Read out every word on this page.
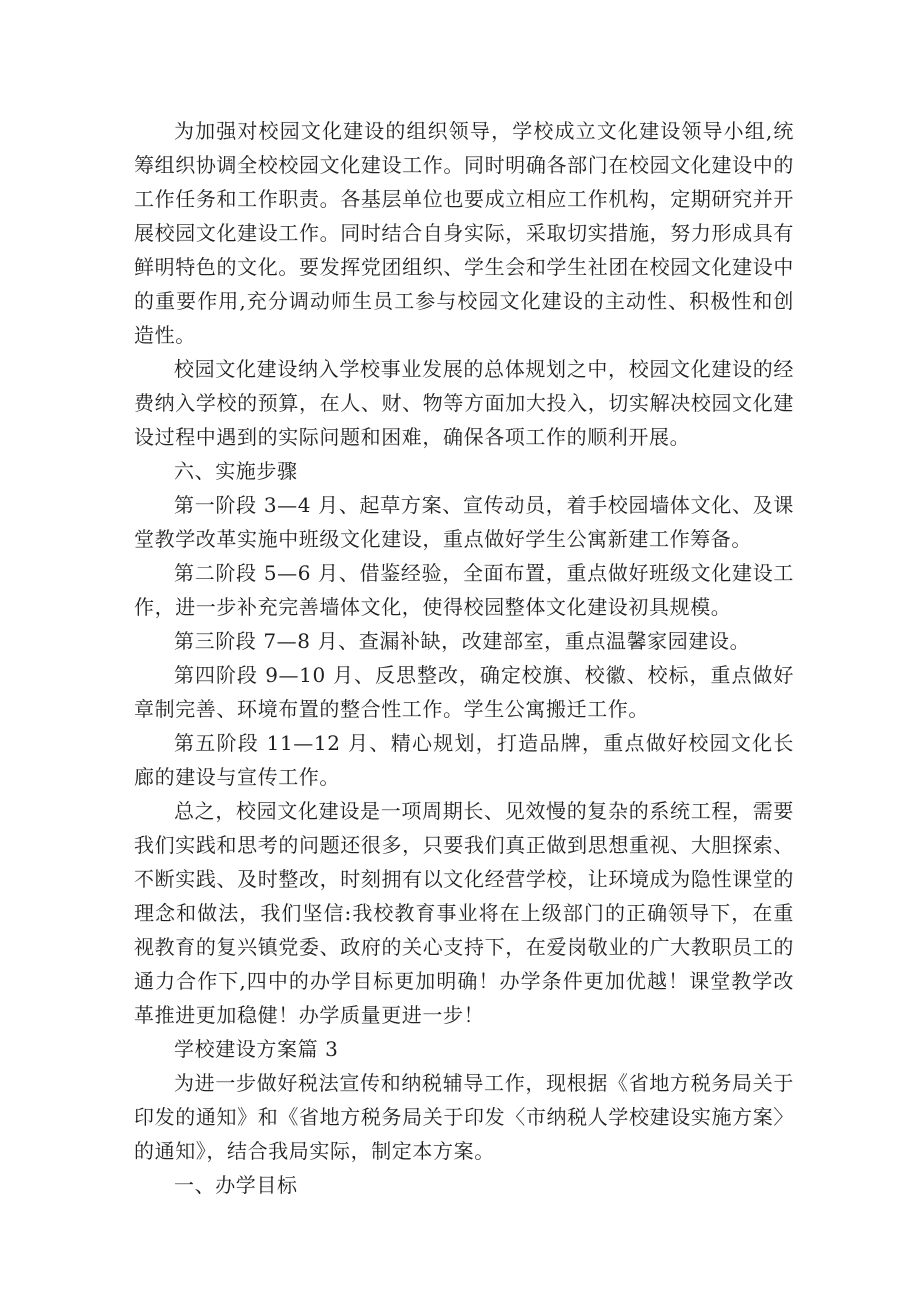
为加强对校园文化建设的组织领导，学校成立文化建设领导小组,统筹组织协调全校校园文化建设工作。同时明确各部门在校园文化建设中的工作任务和工作职责。各基层单位也要成立相应工作机构，定期研究并开展校园文化建设工作。同时结合自身实际，采取切实措施，努力形成具有鲜明特色的文化。要发挥党团组织、学生会和学生社团在校园文化建设中的重要作用,充分调动师生员工参与校园文化建设的主动性、积极性和创造性。

校园文化建设纳入学校事业发展的总体规划之中，校园文化建设的经费纳入学校的预算，在人、财、物等方面加大投入，切实解决校园文化建设过程中遇到的实际问题和困难，确保各项工作的顺利开展。

六、实施步骤

第一阶段 3—4 月、起草方案、宣传动员，着手校园墙体文化、及课堂教学改革实施中班级文化建设，重点做好学生公寓新建工作筹备。

第二阶段 5—6 月、借鉴经验，全面布置，重点做好班级文化建设工作，进一步补充完善墙体文化，使得校园整体文化建设初具规模。

第三阶段 7—8 月、查漏补缺，改建部室，重点温馨家园建设。

第四阶段 9—10 月、反思整改，确定校旗、校徽、校标，重点做好章制完善、环境布置的整合性工作。学生公寓搬迁工作。

第五阶段 11—12 月、精心规划，打造品牌，重点做好校园文化长廊的建设与宣传工作。

总之，校园文化建设是一项周期长、见效慢的复杂的系统工程，需要我们实践和思考的问题还很多，只要我们真正做到思想重视、大胆探索、不断实践、及时整改，时刻拥有以文化经营学校，让环境成为隐性课堂的理念和做法，我们坚信:我校教育事业将在上级部门的正确领导下，在重视教育的复兴镇党委、政府的关心支持下，在爱岗敬业的广大教职员工的通力合作下,四中的办学目标更加明确！办学条件更加优越！课堂教学改革推进更加稳健！办学质量更进一步！

学校建设方案篇 3

为进一步做好税法宣传和纳税辅导工作，现根据《省地方税务局关于印发的通知》和《省地方税务局关于印发〈市纳税人学校建设实施方案〉的通知》，结合我局实际，制定本方案。

一、办学目标
